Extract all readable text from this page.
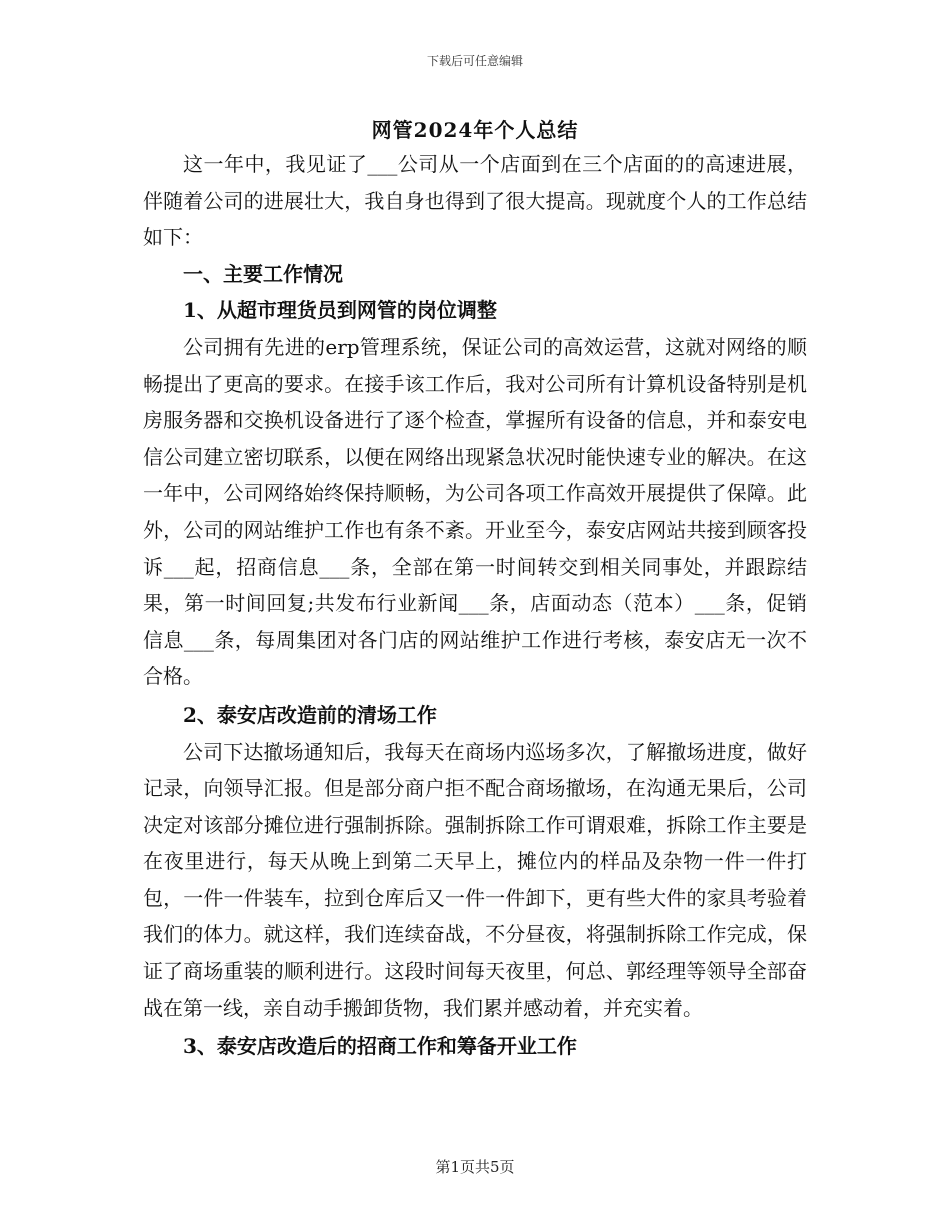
下载后可任意编辑
网管2024年个人总结

这一年中，我见证了___公司从一个店面到在三个店面的的高速进展，伴随着公司的进展壮大，我自身也得到了很大提高。现就度个人的工作总结如下：

一、主要工作情况
1、从超市理货员到网管的岗位调整

公司拥有先进的erp管理系统，保证公司的高效运营，这就对网络的顺畅提出了更高的要求。在接手该工作后，我对公司所有计算机设备特别是机房服务器和交换机设备进行了逐个检查，掌握所有设备的信息，并和泰安电信公司建立密切联系，以便在网络出现紧急状况时能快速专业的解决。在这一年中，公司网络始终保持顺畅，为公司各项工作高效开展提供了保障。此外，公司的网站维护工作也有条不紊。开业至今，泰安店网站共接到顾客投诉___起，招商信息___条，全部在第一时间转交到相关同事处，并跟踪结果，第一时间回复;共发布行业新闻___条，店面动态（范本）___条，促销信息___条，每周集团对各门店的网站维护工作进行考核，泰安店无一次不合格。

2、泰安店改造前的清场工作

公司下达撤场通知后，我每天在商场内巡场多次，了解撤场进度，做好记录，向领导汇报。但是部分商户拒不配合商场撤场，在沟通无果后，公司决定对该部分摊位进行强制拆除。强制拆除工作可谓艰难，拆除工作主要是在夜里进行，每天从晚上到第二天早上，摊位内的样品及杂物一件一件打包，一件一件装车，拉到仓库后又一件一件卸下，更有些大件的家具考验着我们的体力。就这样，我们连续奋战，不分昼夜，将强制拆除工作完成，保证了商场重装的顺利进行。这段时间每天夜里，何总、郭经理等领导全部奋战在第一线，亲自动手搬卸货物，我们累并感动着，并充实着。

3、泰安店改造后的招商工作和筹备开业工作
第1页共5页
